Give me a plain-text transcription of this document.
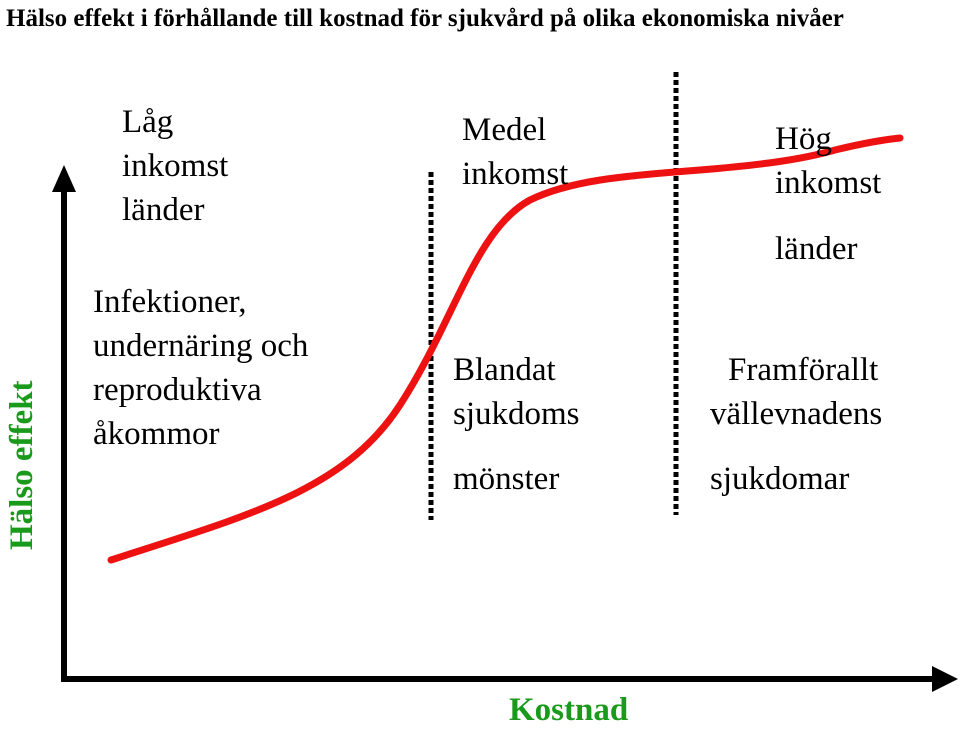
Hälso effekt i förhållande till kostnad för sjukvård på olika ekonomiska nivåer
Låg
inkomst
länder
Infektioner,
undernäring och
reproduktiva
åkommor
Medel
inkomst
Blandat
sjukdoms
mönster
Hög
inkomst
länder
Framförallt
vällevnadens
sjukdomar
Hälso effekt
Kostnad
